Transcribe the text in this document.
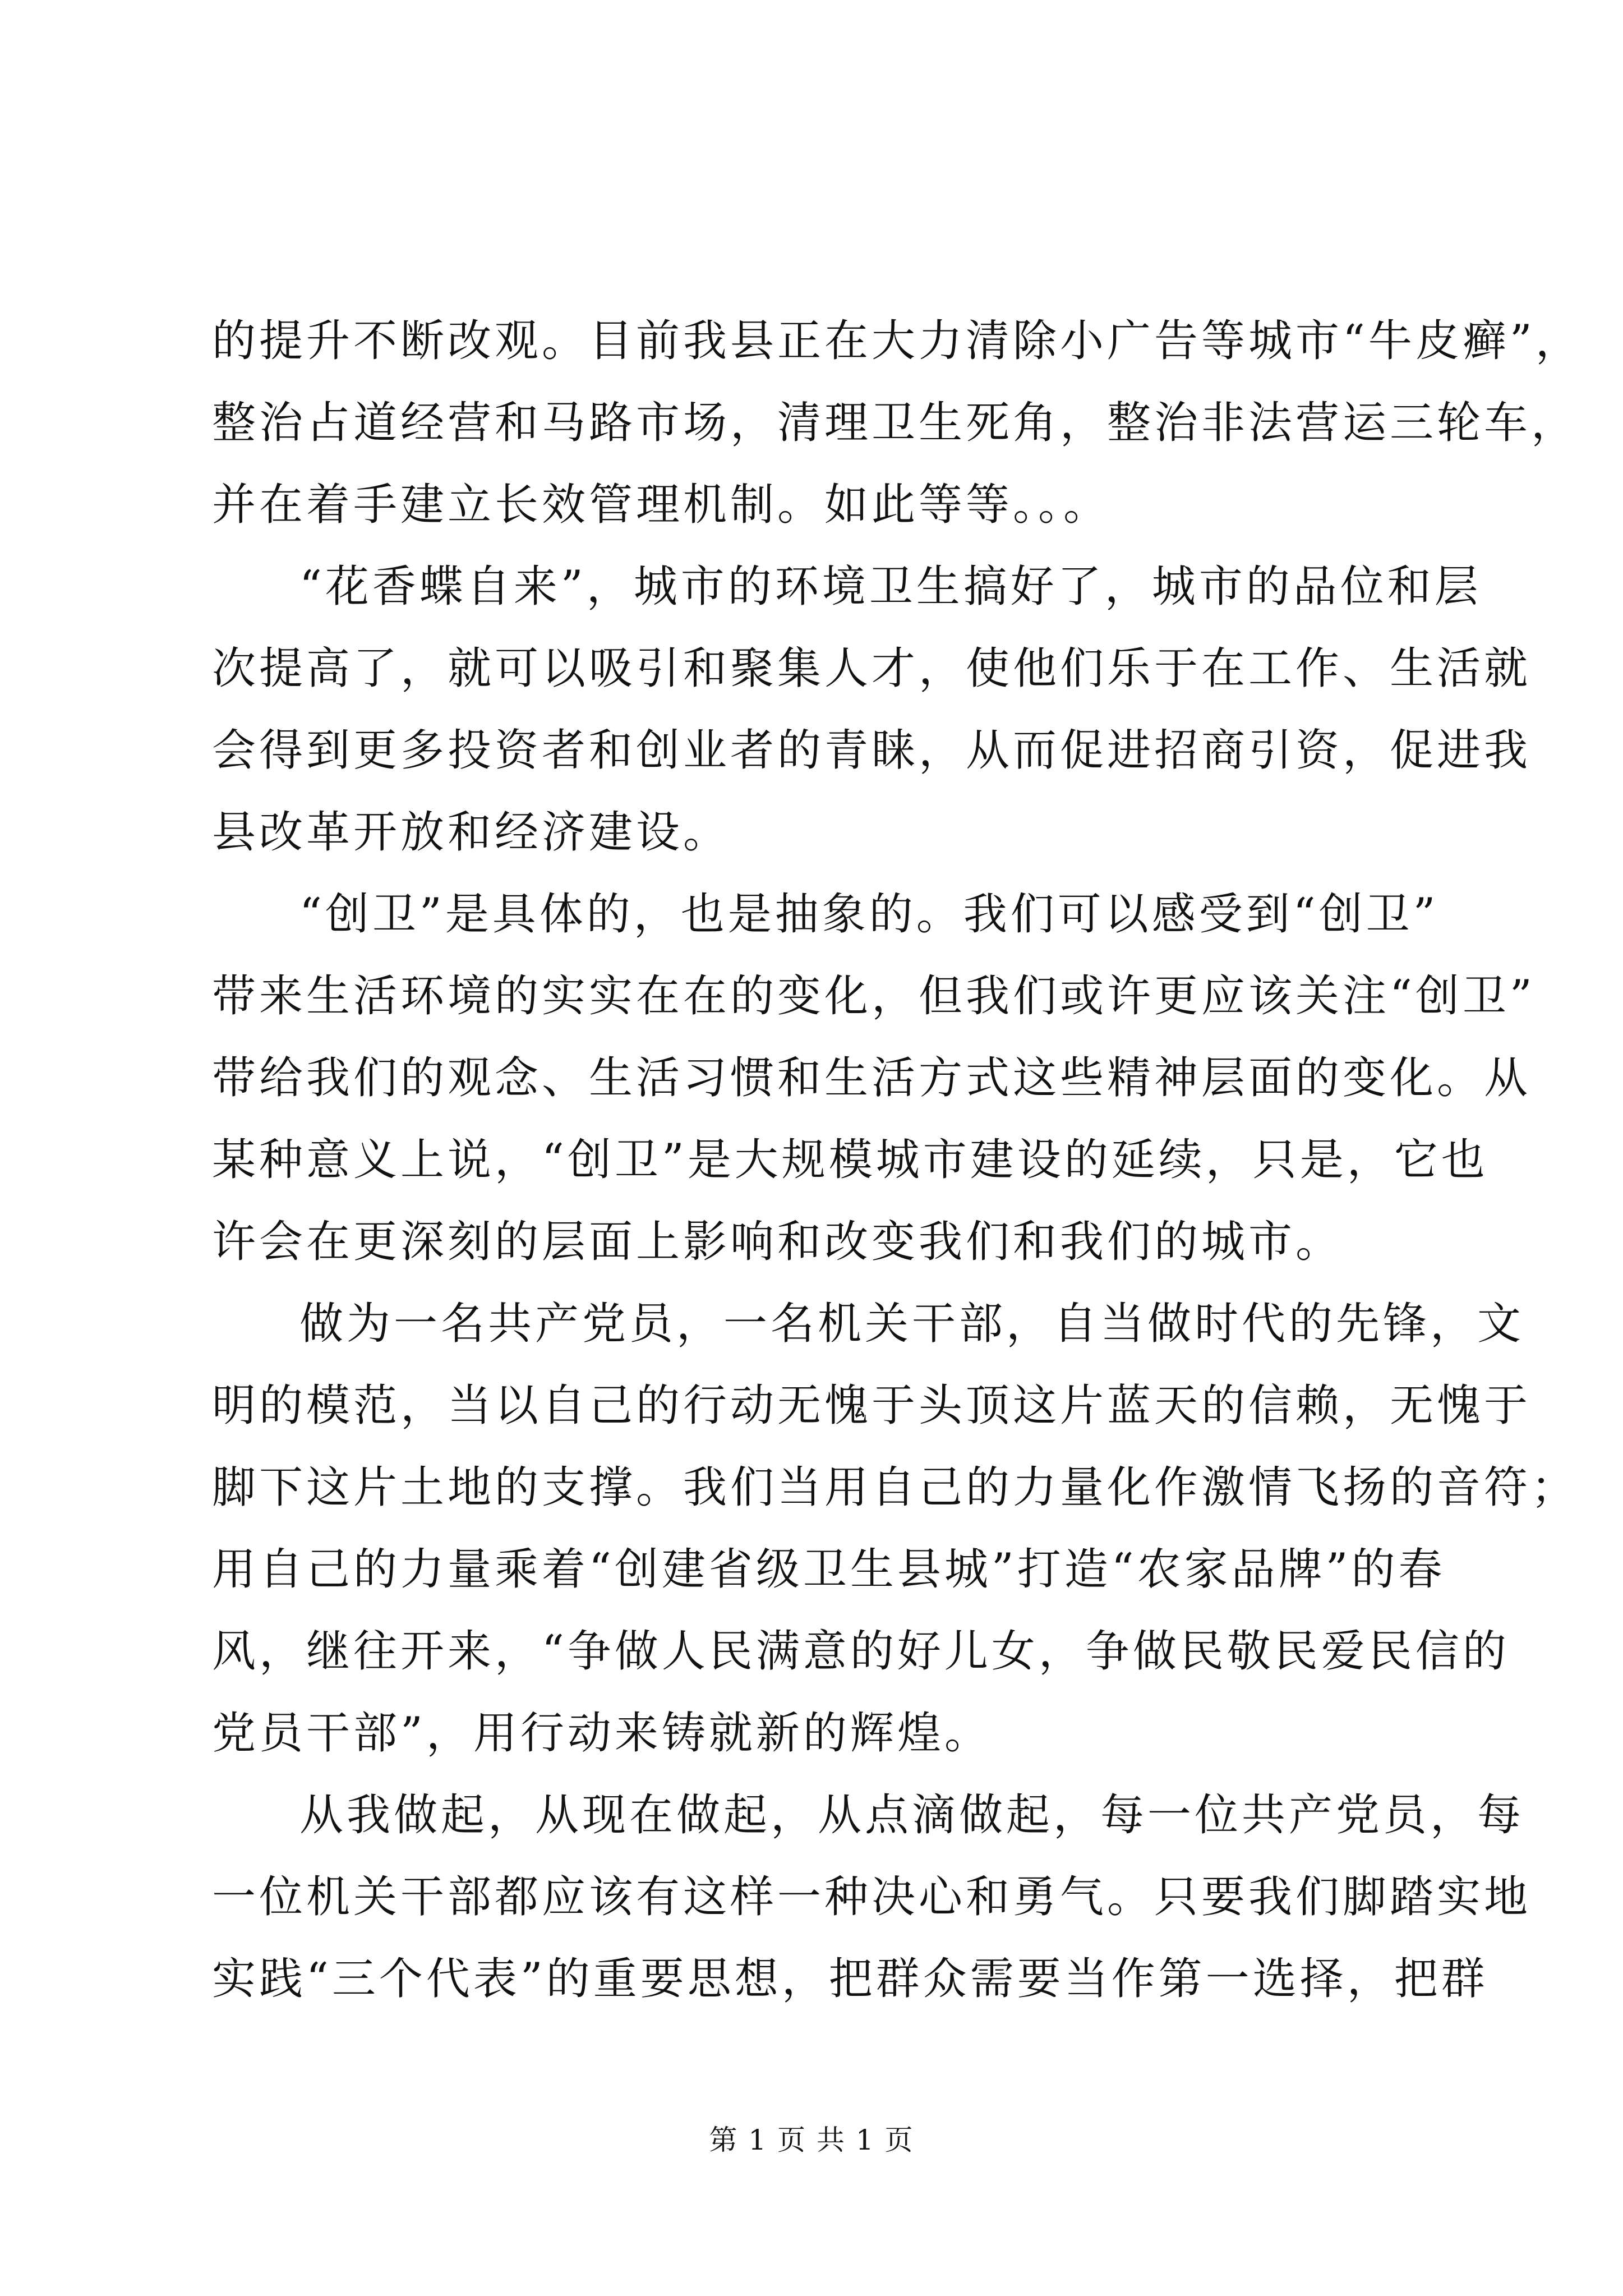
的提升不断改观。目前我县正在大力清除小广告等城市“牛皮癣”，
整治占道经营和马路市场，清理卫生死角，整治非法营运三轮车，
并在着手建立长效管理机制。如此等等。。。
“花香蝶自来”，城市的环境卫生搞好了，城市的品位和层
次提高了，就可以吸引和聚集人才，使他们乐于在工作、生活就
会得到更多投资者和创业者的青睐，从而促进招商引资，促进我
县改革开放和经济建设。
“创卫”是具体的，也是抽象的。我们可以感受到“创卫”
带来生活环境的实实在在的变化，但我们或许更应该关注“创卫”
带给我们的观念、生活习惯和生活方式这些精神层面的变化。从
某种意义上说，“创卫”是大规模城市建设的延续，只是，它也
许会在更深刻的层面上影响和改变我们和我们的城市。
做为一名共产党员，一名机关干部，自当做时代的先锋，文
明的模范，当以自己的行动无愧于头顶这片蓝天的信赖，无愧于
脚下这片土地的支撑。我们当用自己的力量化作激情飞扬的音符；
用自己的力量乘着“创建省级卫生县城”打造“农家品牌”的春
风，继往开来，“争做人民满意的好儿女，争做民敬民爱民信的
党员干部”，用行动来铸就新的辉煌。
从我做起，从现在做起，从点滴做起，每一位共产党员，每
一位机关干部都应该有这样一种决心和勇气。只要我们脚踏实地
实践“三个代表”的重要思想，把群众需要当作第一选择，把群
第 1 页 共 1 页
